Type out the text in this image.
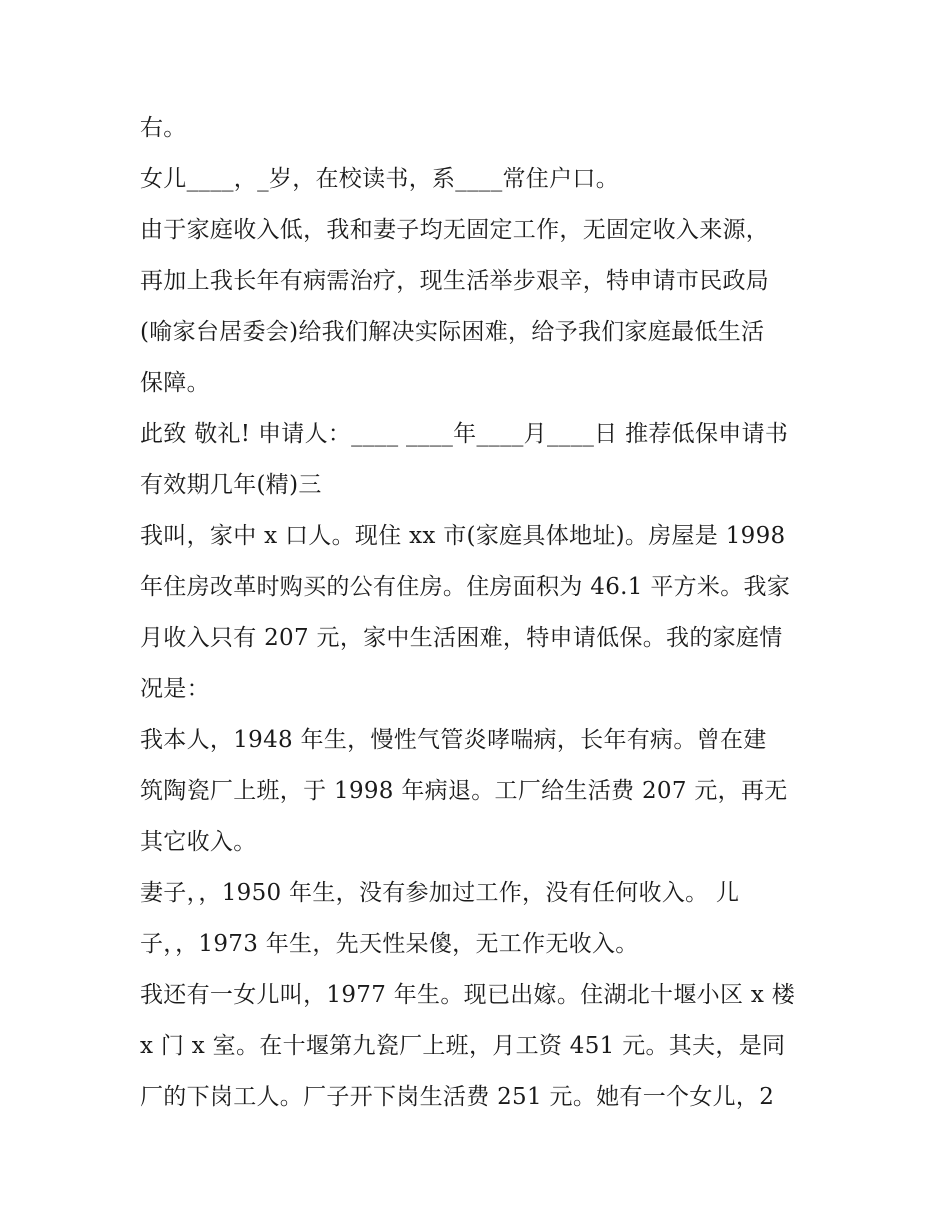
右。
女儿____，_岁，在校读书，系____常住户口。
由于家庭收入低，我和妻子均无固定工作，无固定收入来源，
再加上我长年有病需治疗，现生活举步艰辛，特申请市民政局
(喻家台居委会)给我们解决实际困难，给予我们家庭最低生活
保障。
此致 敬礼! 申请人：____ ____年____月____日 推荐低保申请书
有效期几年(精)三
我叫，家中 x 口人。现住 xx 市(家庭具体地址)。房屋是 1998
年住房改革时购买的公有住房。住房面积为 46.1 平方米。我家
月收入只有 207 元，家中生活困难，特申请低保。我的家庭情
况是：
我本人，1948 年生，慢性气管炎哮喘病，长年有病。曾在建
筑陶瓷厂上班，于 1998 年病退。工厂给生活费 207 元，再无
其它收入。
妻子，，1950 年生，没有参加过工作，没有任何收入。 儿
子，，1973 年生，先天性呆傻，无工作无收入。
我还有一女儿叫，1977 年生。现已出嫁。住湖北十堰小区 x 楼
x 门 x 室。在十堰第九瓷厂上班，月工资 451 元。其夫，是同
厂的下岗工人。厂子开下岗生活费 251 元。她有一个女儿，2
